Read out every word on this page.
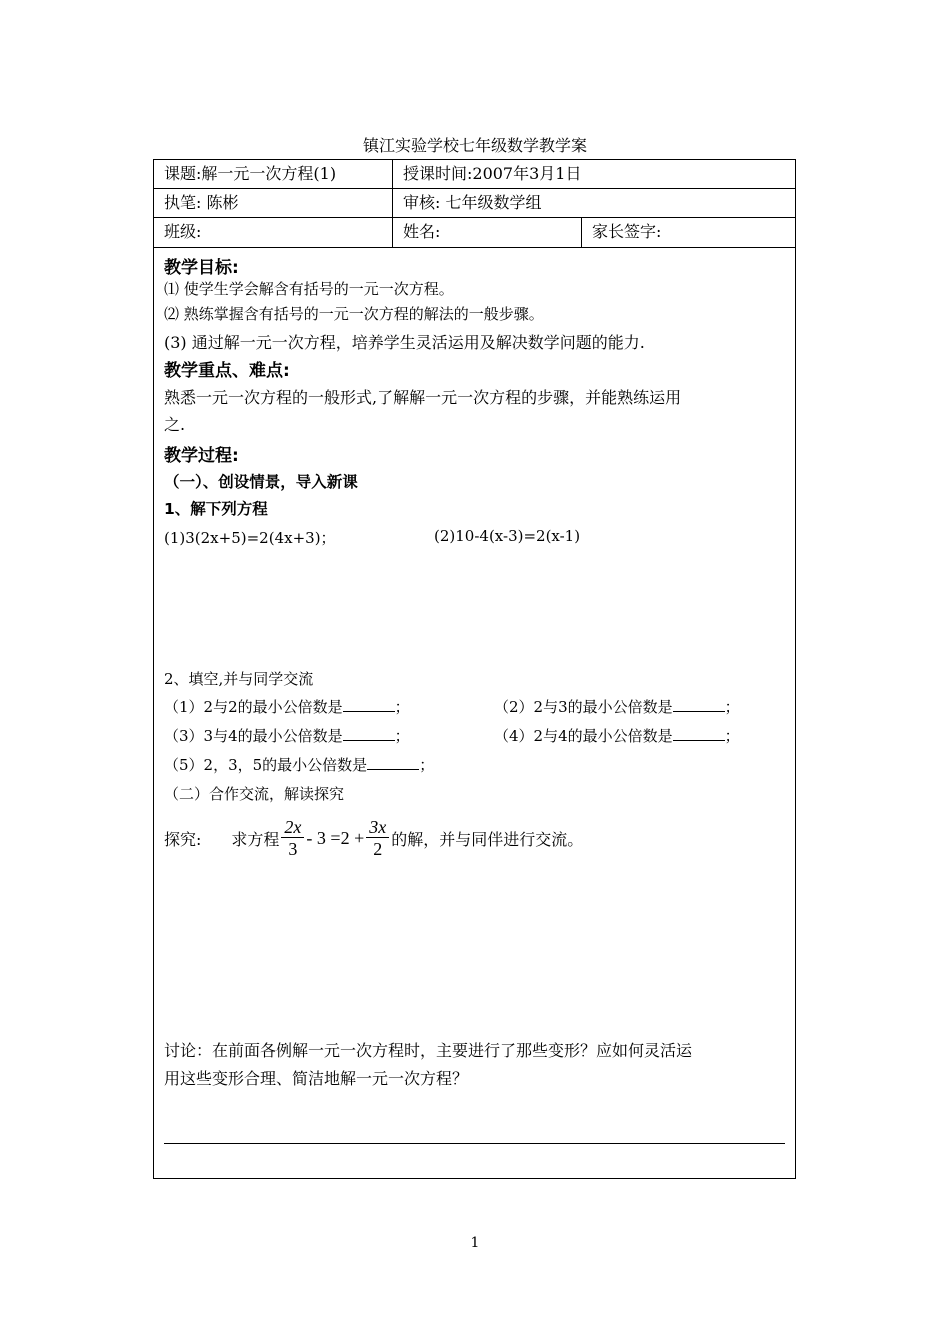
镇江实验学校七年级数学教学案
课题:解一元一次方程(1)	授课时间:2007年3月1日
执笔: 陈彬	审核: 七年级数学组
班级:	姓名:	家长签字:
教学目标:
⑴ 使学生学会解含有括号的一元一次方程。
⑵ 熟练掌握含有括号的一元一次方程的解法的一般步骤。
(3) 通过解一元一次方程，培养学生灵活运用及解决数学问题的能力.
教学重点、难点:
熟悉一元一次方程的一般形式,了解解一元一次方程的步骤，并能熟练运用
之.
教学过程:
（一）、创设情景，导入新课
1、解下列方程
(1)3(2x+5)=2(4x+3)；	(2)10-4(x-3)=2(x-1)
2、填空,并与同学交流
（1）2与2的最小公倍数是	；	（2）2与3的最小公倍数是	；
（3）3与4的最小公倍数是	；	（4）2与4的最小公倍数是	；
（5）2，3，5的最小公倍数是	；
（二）合作交流，解读探究
探究: 求方程 $\frac{2x}{3} - 3 =2 + \frac{3x}{2}$ 的解，并与同伴进行交流。
讨论：在前面各例解一元一次方程时，主要进行了那些变形？应如何灵活运
用这些变形合理、简洁地解一元一次方程？
1
